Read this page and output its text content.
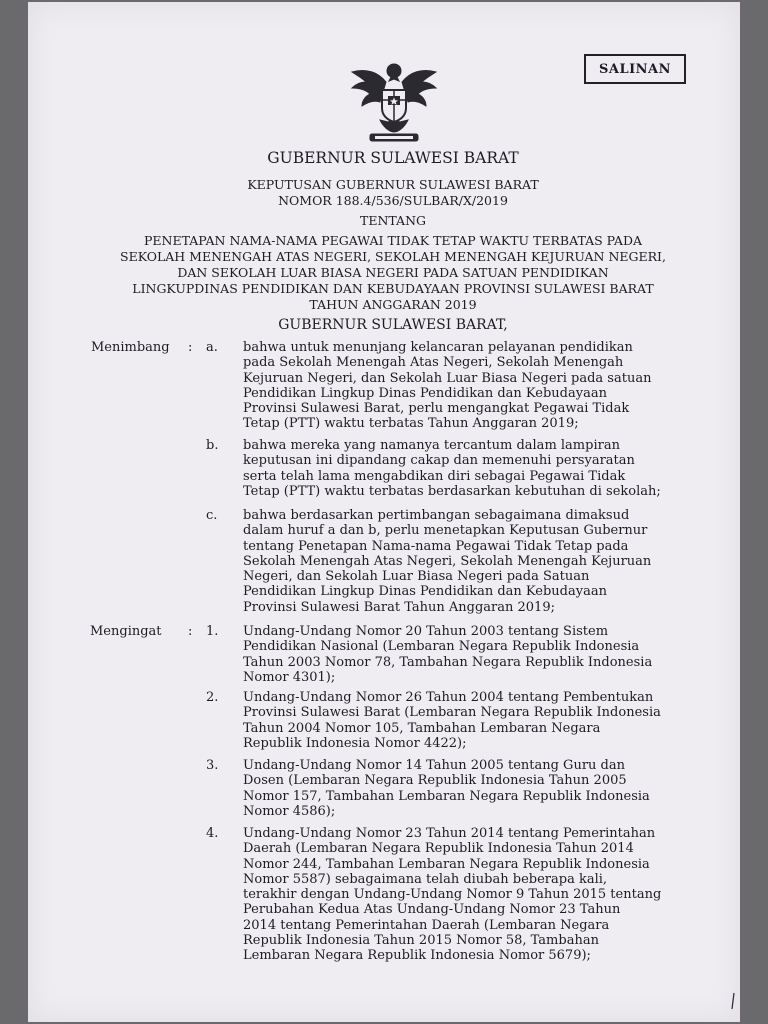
SALINAN
GUBERNUR SULAWESI BARAT
KEPUTUSAN GUBERNUR SULAWESI BARAT
NOMOR 188.4/536/SULBAR/X/2019
TENTANG
PENETAPAN NAMA-NAMA PEGAWAI TIDAK TETAP WAKTU TERBATAS PADA
SEKOLAH MENENGAH ATAS NEGERI, SEKOLAH MENENGAH KEJURUAN NEGERI,
DAN SEKOLAH LUAR BIASA NEGERI PADA SATUAN PENDIDIKAN
LINGKUPDINAS PENDIDIKAN DAN KEBUDAYAAN PROVINSI SULAWESI BARAT
TAHUN ANGGARAN 2019
GUBERNUR SULAWESI BARAT,
Menimbang : a. bahwa untuk menunjang kelancaran pelayanan pendidikan

pada Sekolah Menengah Atas Negeri, Sekolah Menengah

Kejuruan Negeri, dan Sekolah Luar Biasa Negeri pada satuan

Pendidikan Lingkup Dinas Pendidikan dan Kebudayaan

Provinsi Sulawesi Barat, perlu mengangkat Pegawai Tidak

Tetap (PTT) waktu terbatas Tahun Anggaran 2019;

b. bahwa mereka yang namanya tercantum dalam lampiran

keputusan ini dipandang cakap dan memenuhi persyaratan

serta telah lama mengabdikan diri sebagai Pegawai Tidak

Tetap (PTT) waktu terbatas berdasarkan kebutuhan di sekolah;

c. bahwa berdasarkan pertimbangan sebagaimana dimaksud

dalam huruf a dan b, perlu menetapkan Keputusan Gubernur

tentang Penetapan Nama-nama Pegawai Tidak Tetap pada

Sekolah Menengah Atas Negeri, Sekolah Menengah Kejuruan

Negeri, dan Sekolah Luar Biasa Negeri pada Satuan

Pendidikan Lingkup Dinas Pendidikan dan Kebudayaan

Provinsi Sulawesi Barat Tahun Anggaran 2019;

Mengingat : 1. Undang-Undang Nomor 20 Tahun 2003 tentang Sistem

Pendidikan Nasional (Lembaran Negara Republik Indonesia

Tahun 2003 Nomor 78, Tambahan Negara Republik Indonesia

Nomor 4301);

2. Undang-Undang Nomor 26 Tahun 2004 tentang Pembentukan

Provinsi Sulawesi Barat (Lembaran Negara Republik Indonesia

Tahun 2004 Nomor 105, Tambahan Lembaran Negara

Republik Indonesia Nomor 4422);

3. Undang-Undang Nomor 14 Tahun 2005 tentang Guru dan

Dosen (Lembaran Negara Republik Indonesia Tahun 2005

Nomor 157, Tambahan Lembaran Negara Republik Indonesia

Nomor 4586);

4. Undang-Undang Nomor 23 Tahun 2014 tentang Pemerintahan

Daerah (Lembaran Negara Republik Indonesia Tahun 2014

Nomor 244, Tambahan Lembaran Negara Republik Indonesia

Nomor 5587) sebagaimana telah diubah beberapa kali,

terakhir dengan Undang-Undang Nomor 9 Tahun 2015 tentang

Perubahan Kedua Atas Undang-Undang Nomor 23 Tahun

2014 tentang Pemerintahan Daerah (Lembaran Negara

Republik Indonesia Tahun 2015 Nomor 58, Tambahan

Lembaran Negara Republik Indonesia Nomor 5679);
